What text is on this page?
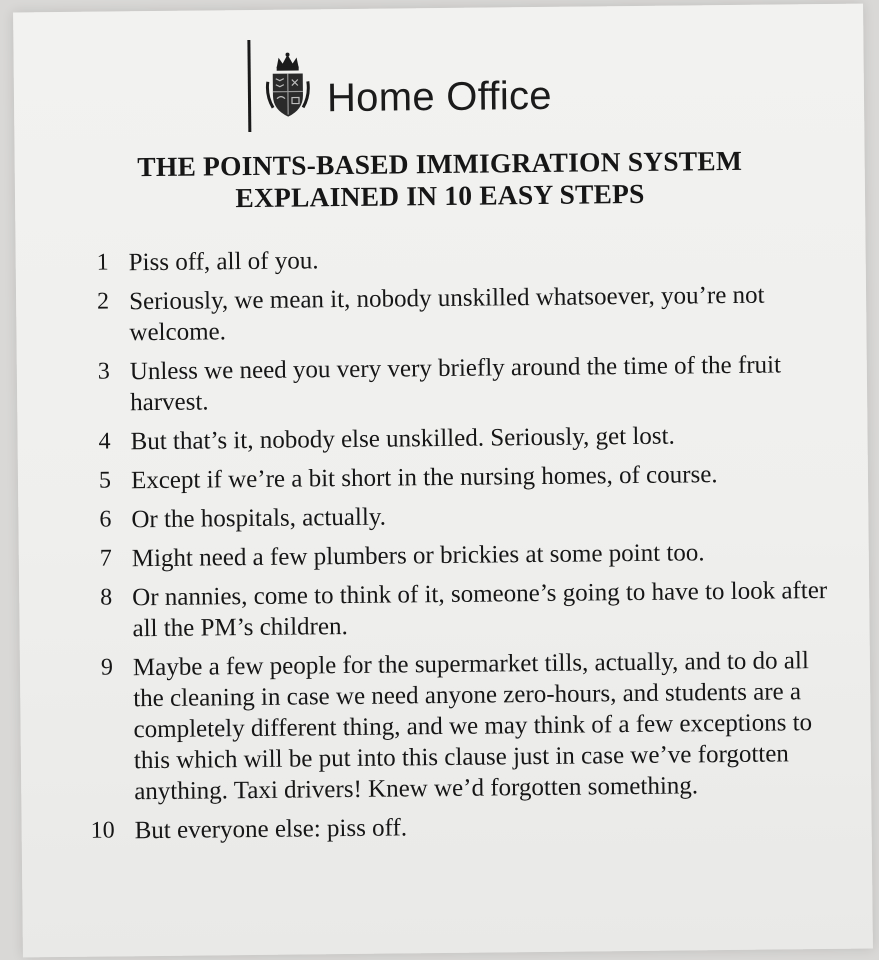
Home Office
THE POINTS-BASED IMMIGRATION SYSTEM
EXPLAINED IN 10 EASY STEPS
1 Piss off, all of you.
2 Seriously, we mean it, nobody unskilled whatsoever, you’re not welcome.
3 Unless we need you very very briefly around the time of the fruit harvest.
4 But that’s it, nobody else unskilled. Seriously, get lost.
5 Except if we’re a bit short in the nursing homes, of course.
6 Or the hospitals, actually.
7 Might need a few plumbers or brickies at some point too.
8 Or nannies, come to think of it, someone’s going to have to look after all the PM’s children.
9 Maybe a few people for the supermarket tills, actually, and to do all the cleaning in case we need anyone zero-hours, and students are a completely different thing, and we may think of a few exceptions to this which will be put into this clause just in case we’ve forgotten anything. Taxi drivers! Knew we’d forgotten something.
10 But everyone else: piss off.
